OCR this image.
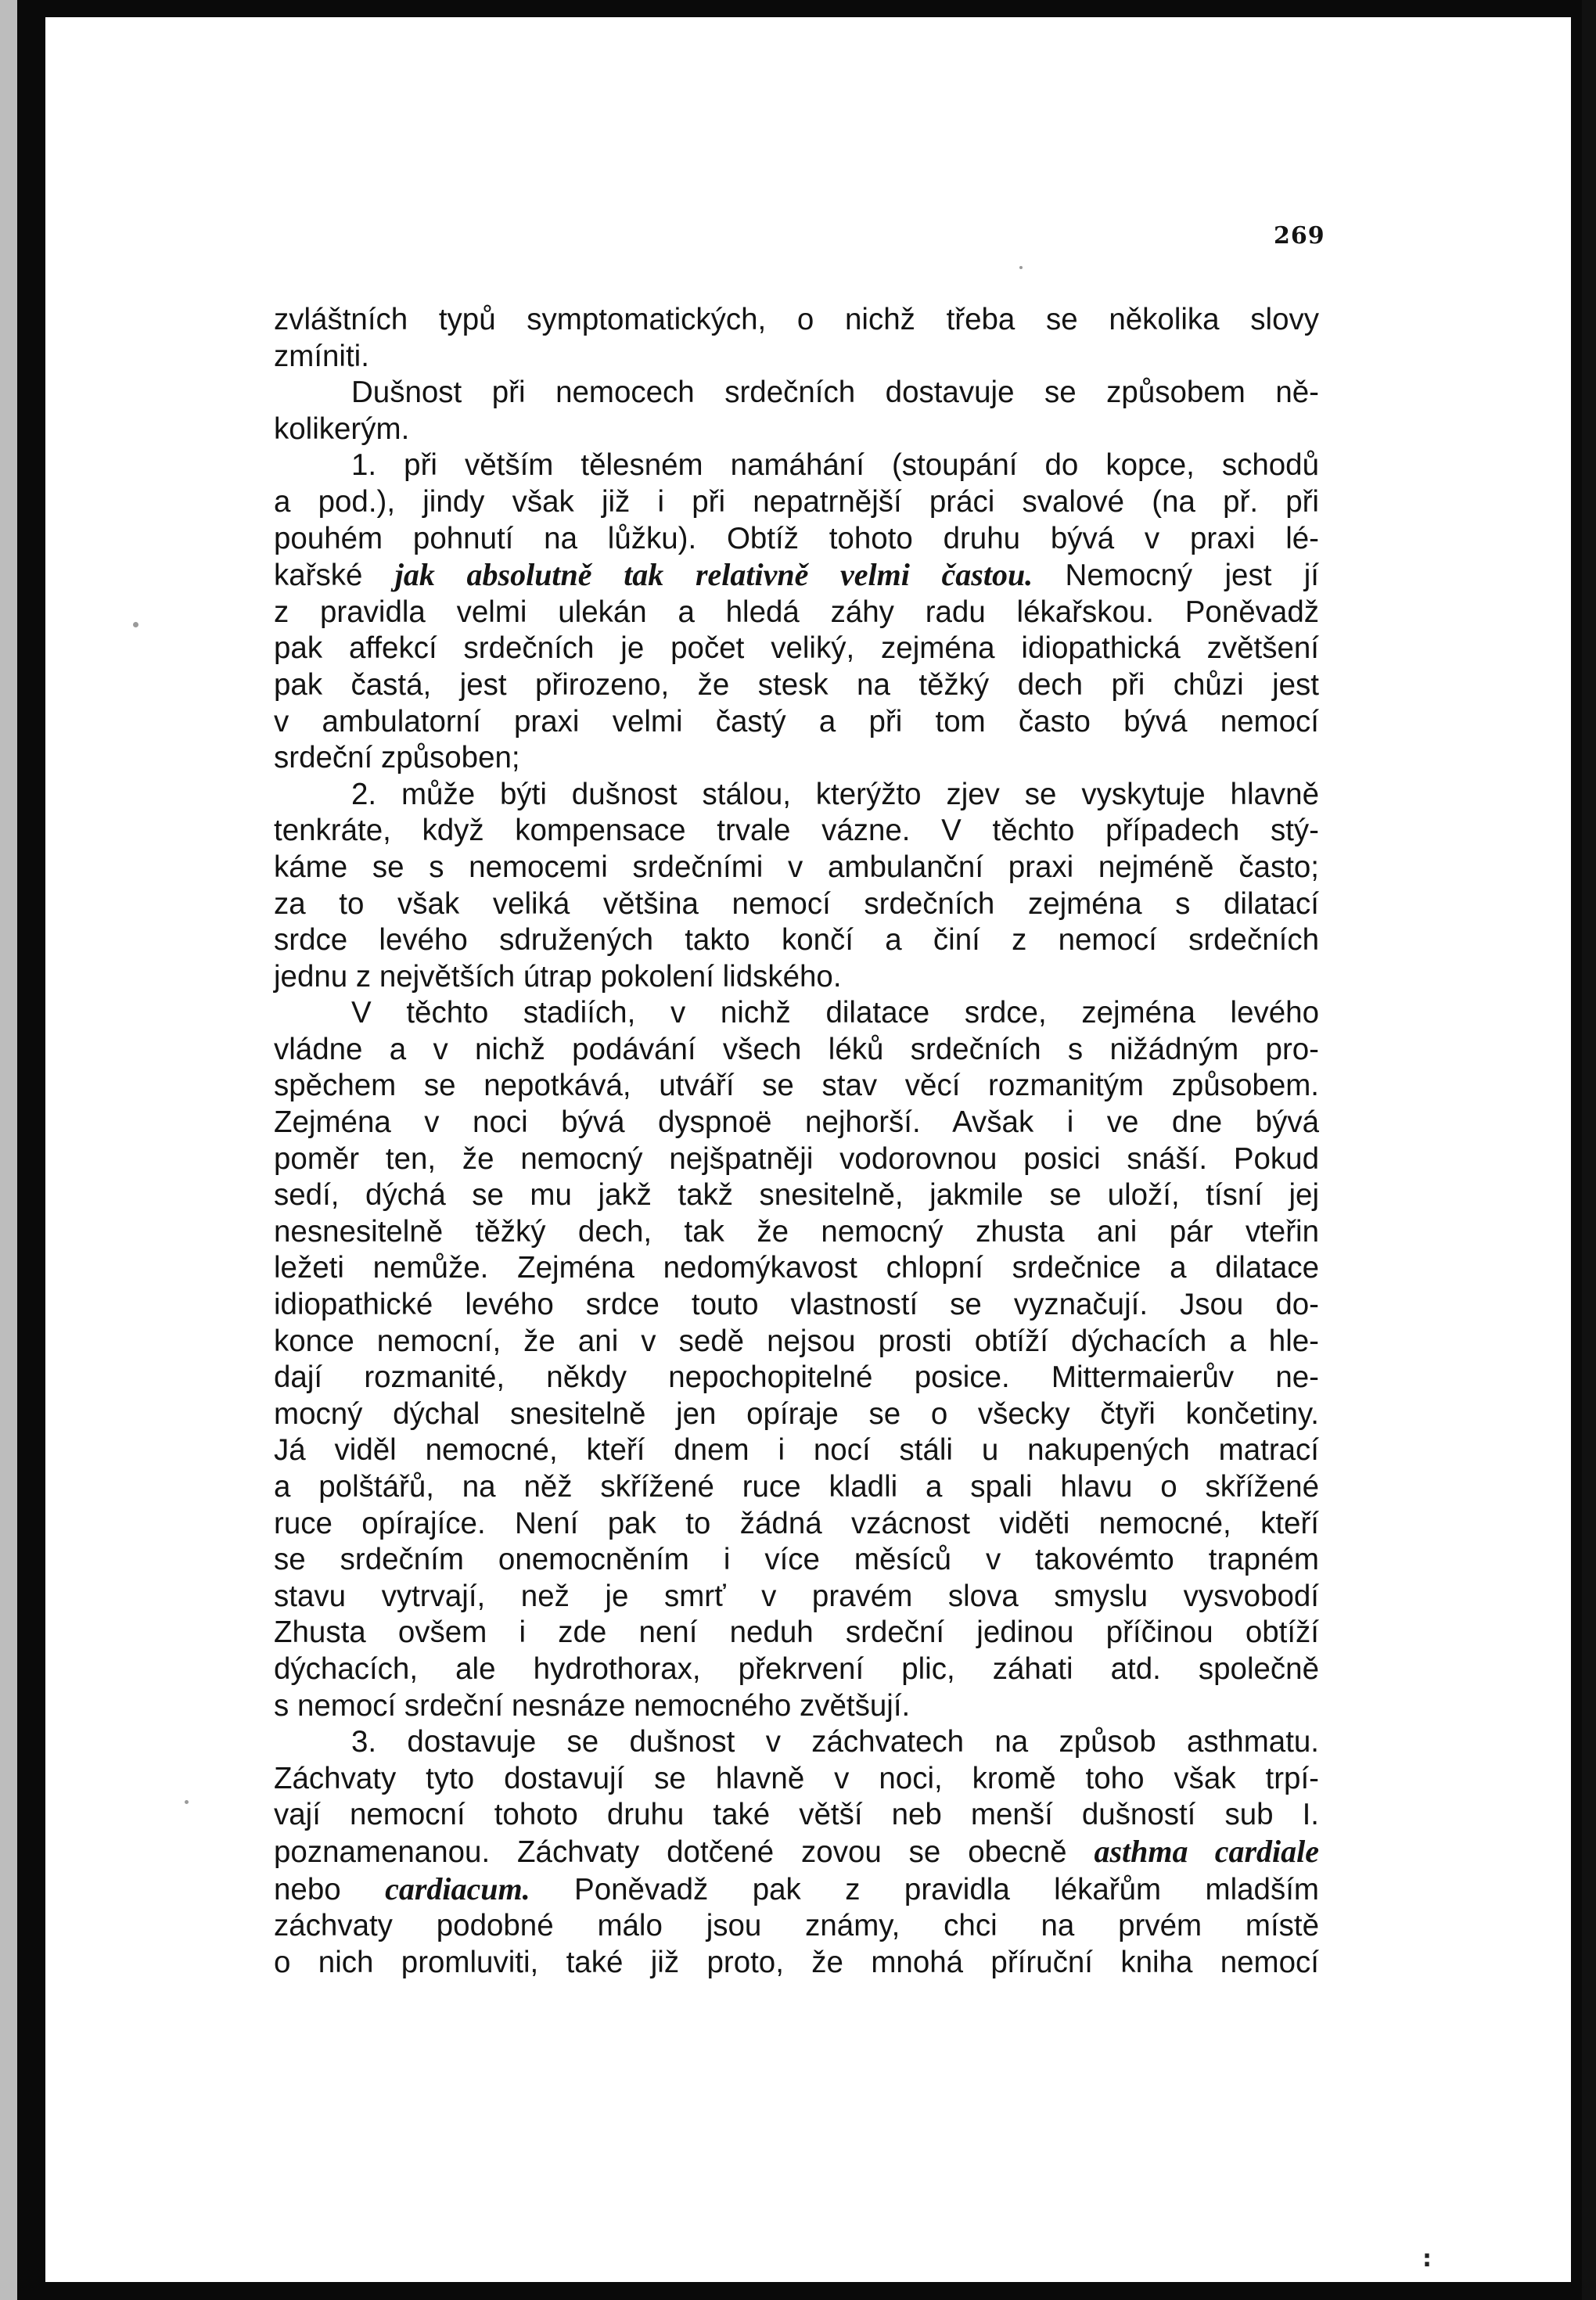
269
zvláštních typů symptomatických, o nichž třeba se několika slovy
zmíniti.
Dušnost při nemocech srdečních dostavuje se způsobem ně-
kolikerým.
1. při větším tělesném namáhání (stoupání do kopce, schodů
a pod.), jindy však již i při nepatrnější práci svalové (na př. při
pouhém pohnutí na lůžku). Obtíž tohoto druhu bývá v praxi lé-
kařské jak absolutně tak relativně velmi častou. Nemocný jest jí
z pravidla velmi ulekán a hledá záhy radu lékařskou. Poněvadž
pak affekcí srdečních je počet veliký, zejména idiopathická zvětšení
pak častá, jest přirozeno, že stesk na těžký dech při chůzi jest
v ambulatorní praxi velmi častý a při tom často bývá nemocí
srdeční způsoben;
2. může býti dušnost stálou, kterýžto zjev se vyskytuje hlavně
tenkráte, když kompensace trvale vázne. V těchto případech stý-
káme se s nemocemi srdečními v ambulanční praxi nejméně často;
za to však veliká většina nemocí srdečních zejména s dilatací
srdce levého sdružených takto končí a činí z nemocí srdečních
jednu z největších útrap pokolení lidského.
V těchto stadiích, v nichž dilatace srdce, zejména levého
vládne a v nichž podávání všech léků srdečních s nižádným pro-
spěchem se nepotkává, utváří se stav věcí rozmanitým způsobem.
Zejména v noci bývá dyspnoë nejhorší. Avšak i ve dne bývá
poměr ten, že nemocný nejšpatněji vodorovnou posici snáší. Pokud
sedí, dýchá se mu jakž takž snesitelně, jakmile se uloží, tísní jej
nesnesitelně těžký dech, tak že nemocný zhusta ani pár vteřin
ležeti nemůže. Zejména nedomýkavost chlopní srdečnice a dilatace
idiopathické levého srdce touto vlastností se vyznačují. Jsou do-
konce nemocní, že ani v sedě nejsou prosti obtíží dýchacích a hle-
dají rozmanité, někdy nepochopitelné posice. Mittermaierův ne-
mocný dýchal snesitelně jen opíraje se o všecky čtyři končetiny.
Já viděl nemocné, kteří dnem i nocí stáli u nakupených matrací
a polštářů, na něž skřížené ruce kladli a spali hlavu o skřížené
ruce opírajíce. Není pak to žádná vzácnost viděti nemocné, kteří
se srdečním onemocněním i více měsíců v takovémto trapném
stavu vytrvají, než je smrť v pravém slova smyslu vysvobodí
Zhusta ovšem i zde není neduh srdeční jedinou příčinou obtíží
dýchacích, ale hydrothorax, překrvení plic, záhati atd. společně
s nemocí srdeční nesnáze nemocného zvětšují.
3. dostavuje se dušnost v záchvatech na způsob asthmatu.
Záchvaty tyto dostavují se hlavně v noci, kromě toho však trpí-
vají nemocní tohoto druhu také větší neb menší dušností sub I.
poznamenanou. Záchvaty dotčené zovou se obecně asthma cardiale
nebo cardiacum. Poněvadž pak z pravidla lékařům mladším
záchvaty podobné málo jsou známy, chci na prvém místě
o nich promluviti, také již proto, že mnohá příruční kniha nemocí
:
